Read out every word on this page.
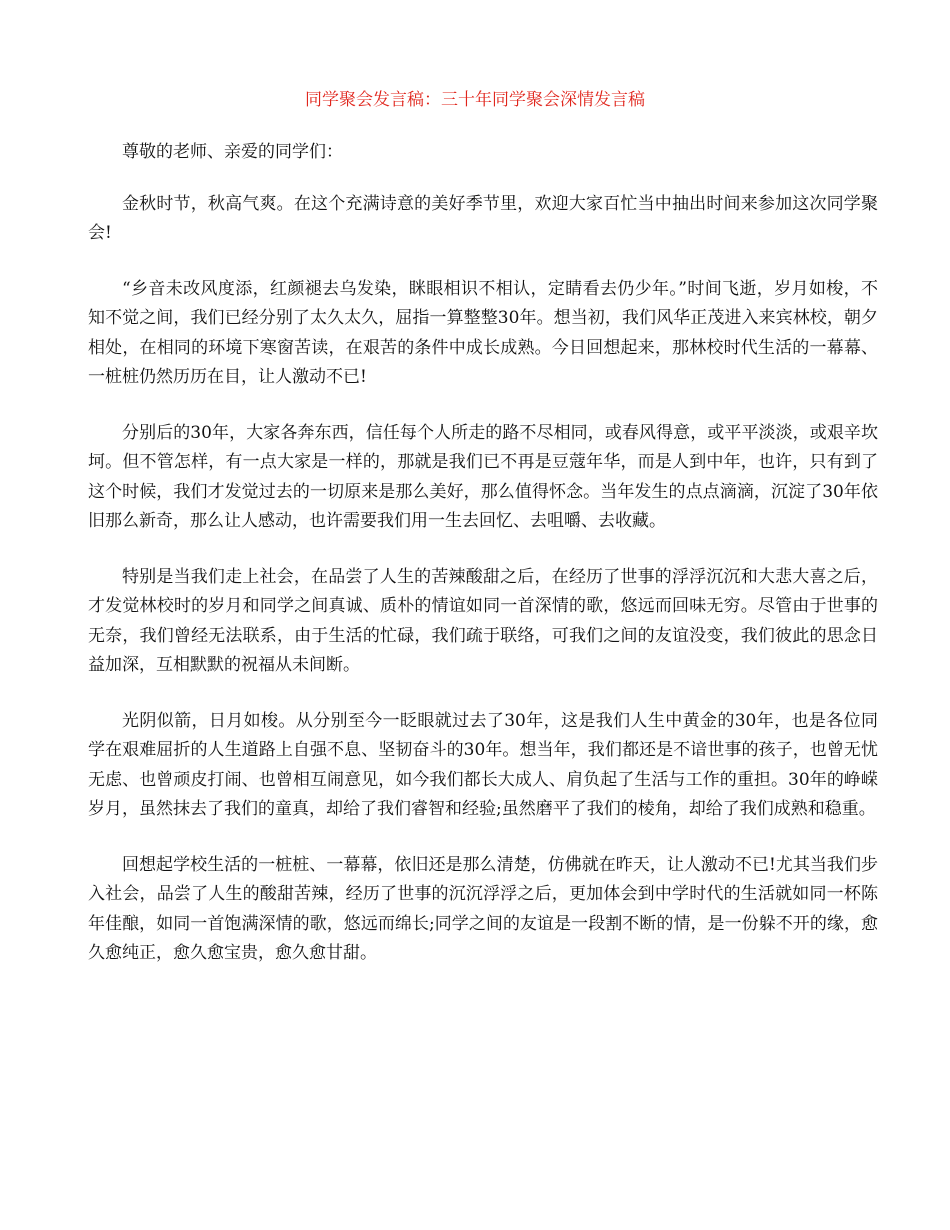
同学聚会发言稿：三十年同学聚会深情发言稿

尊敬的老师、亲爱的同学们：

金秋时节，秋高气爽。在这个充满诗意的美好季节里，欢迎大家百忙当中抽出时间来参加这次同学聚会!

“乡音未改风度添，红颜褪去乌发染，眯眼相识不相认，定睛看去仍少年。”时间飞逝，岁月如梭，不知不觉之间，我们已经分别了太久太久，屈指一算整整30年。想当初，我们风华正茂进入来宾林校，朝夕相处，在相同的环境下寒窗苦读，在艰苦的条件中成长成熟。今日回想起来，那林校时代生活的一幕幕、一桩桩仍然历历在目，让人激动不已!

分别后的30年，大家各奔东西，信任每个人所走的路不尽相同，或春风得意，或平平淡淡，或艰辛坎坷。但不管怎样，有一点大家是一样的，那就是我们已不再是豆蔻年华，而是人到中年，也许，只有到了这个时候，我们才发觉过去的一切原来是那么美好，那么值得怀念。当年发生的点点滴滴，沉淀了30年依旧那么新奇，那么让人感动，也许需要我们用一生去回忆、去咀嚼、去收藏。

特别是当我们走上社会，在品尝了人生的苦辣酸甜之后，在经历了世事的浮浮沉沉和大悲大喜之后，才发觉林校时的岁月和同学之间真诚、质朴的情谊如同一首深情的歌，悠远而回味无穷。尽管由于世事的无奈，我们曾经无法联系，由于生活的忙碌，我们疏于联络，可我们之间的友谊没变，我们彼此的思念日益加深，互相默默的祝福从未间断。

光阴似箭，日月如梭。从分别至今一眨眼就过去了30年，这是我们人生中黄金的30年，也是各位同学在艰难屈折的人生道路上自强不息、坚韧奋斗的30年。想当年，我们都还是不谙世事的孩子，也曾无忧无虑、也曾顽皮打闹、也曾相互闹意见，如今我们都长大成人、肩负起了生活与工作的重担。30年的峥嵘岁月，虽然抹去了我们的童真，却给了我们睿智和经验;虽然磨平了我们的棱角，却给了我们成熟和稳重。

回想起学校生活的一桩桩、一幕幕，依旧还是那么清楚，仿佛就在昨天，让人激动不已!尤其当我们步入社会，品尝了人生的酸甜苦辣，经历了世事的沉沉浮浮之后，更加体会到中学时代的生活就如同一杯陈年佳酿，如同一首饱满深情的歌，悠远而绵长;同学之间的友谊是一段割不断的情，是一份躲不开的缘，愈久愈纯正，愈久愈宝贵，愈久愈甘甜。
